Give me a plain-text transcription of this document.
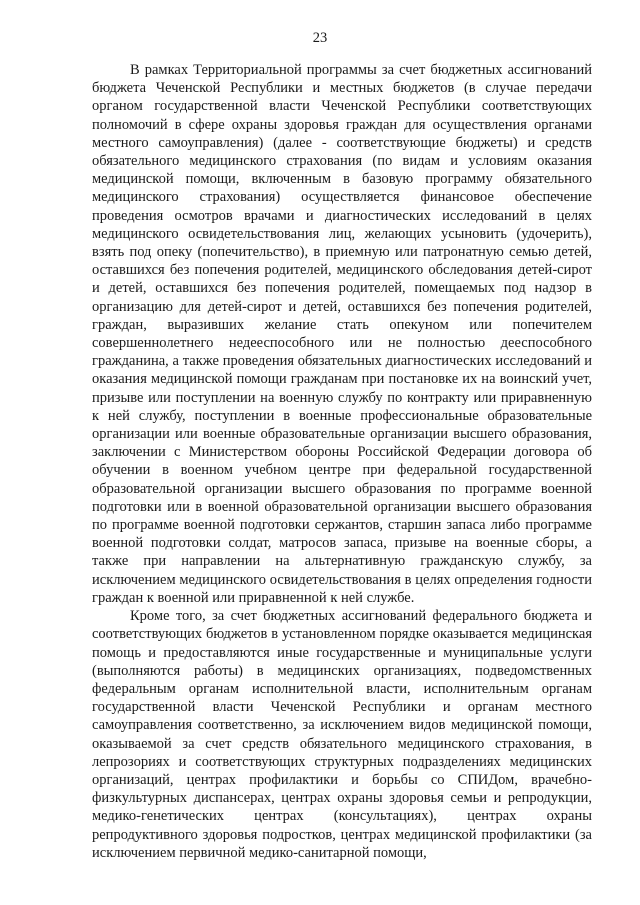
23

В рамках Территориальной программы за счет бюджетных ассигнований бюджета Чеченской Республики и местных бюджетов (в случае передачи органом государственной власти Чеченской Республики соответствующих полномочий в сфере охраны здоровья граждан для осуществления органами местного самоуправления) (далее - соответствующие бюджеты) и средств обязательного медицинского страхования (по видам и условиям оказания медицинской помощи, включенным в базовую программу обязательного медицинского страхования) осуществляется финансовое обеспечение проведения осмотров врачами и диагностических исследований в целях медицинского освидетельствования лиц, желающих усыновить (удочерить), взять под опеку (попечительство), в приемную или патронатную семью детей, оставшихся без попечения родителей, медицинского обследования детей-сирот и детей, оставшихся без попечения родителей, помещаемых под надзор в организацию для детей-сирот и детей, оставшихся без попечения родителей, граждан, выразивших желание стать опекуном или попечителем совершеннолетнего недееспособного или не полностью дееспособного гражданина, а также проведения обязательных диагностических исследований и оказания медицинской помощи гражданам при постановке их на воинский учет, призыве или поступлении на военную службу по контракту или приравненную к ней службу, поступлении в военные профессиональные образовательные организации или военные образовательные организации высшего образования, заключении с Министерством обороны Российской Федерации договора об обучении в военном учебном центре при федеральной государственной образовательной организации высшего образования по программе военной подготовки или в военной образовательной организации высшего образования по программе военной подготовки сержантов, старшин запаса либо программе военной подготовки солдат, матросов запаса, призыве на военные сборы, а также при направлении на альтернативную гражданскую службу, за исключением медицинского освидетельствования в целях определения годности граждан к военной или приравненной к ней службе.

Кроме того, за счет бюджетных ассигнований федерального бюджета и соответствующих бюджетов в установленном порядке оказывается медицинская помощь и предоставляются иные государственные и муниципальные услуги (выполняются работы) в медицинских организациях, подведомственных федеральным органам исполнительной власти, исполнительным органам государственной власти Чеченской Республики и органам местного самоуправления соответственно, за исключением видов медицинской помощи, оказываемой за счет средств обязательного медицинского страхования, в лепрозориях и соответствующих структурных подразделениях медицинских организаций, центрах профилактики и борьбы со СПИДом, врачебно-физкультурных диспансерах, центрах охраны здоровья семьи и репродукции, медико-генетических центрах (консультациях), центрах охраны репродуктивного здоровья подростков, центрах медицинской профилактики (за исключением первичной медико-санитарной помощи,
